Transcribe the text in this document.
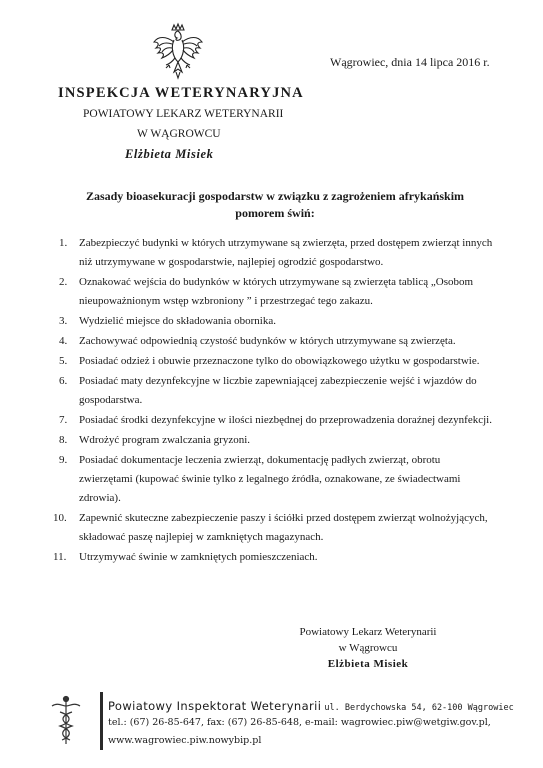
Wągrowiec, dnia 14 lipca 2016 r.
INSPEKCJA WETERYNARYJNA
POWIATOWY LEKARZ WETERYNARII
W WĄGROWCU
Elżbieta Misiek
Zasady bioasekuracji gospodarstw w związku z zagrożeniem afrykańskim
pomorem świń:
1.	Zabezpieczyć budynki w których utrzymywane są zwierzęta, przed dostępem zwierząt innych niż utrzymywane w gospodarstwie, najlepiej ogrodzić gospodarstwo.
2.	Oznakować wejścia do budynków w których utrzymywane są zwierzęta tablicą „Osobom nieupoważnionym wstęp wzbroniony ” i przestrzegać tego zakazu.
3.	Wydzielić miejsce do składowania obornika.
4.	Zachowywać odpowiednią czystość budynków w których utrzymywane są zwierzęta.
5.	Posiadać odzież i obuwie przeznaczone tylko do obowiązkowego użytku w gospodarstwie.
6.	Posiadać maty dezynfekcyjne w liczbie zapewniającej zabezpieczenie wejść i wjazdów do gospodarstwa.
7.	Posiadać środki dezynfekcyjne w ilości niezbędnej do przeprowadzenia doraźnej dezynfekcji.
8.	Wdrożyć program zwalczania gryzoni.
9.	Posiadać dokumentacje leczenia zwierząt, dokumentację padłych zwierząt, obrotu zwierzętami (kupować świnie tylko z legalnego źródła, oznakowane, ze świadectwami zdrowia).
10.	Zapewnić skuteczne zabezpieczenie paszy i ściółki przed dostępem zwierząt wolnożyjących, składować paszę najlepiej w zamkniętych magazynach.
11.	Utrzymywać świnie w zamkniętych pomieszczeniach.
Powiatowy Lekarz Weterynarii
w Wągrowcu
Elżbieta Misiek
Powiatowy Inspektorat Weterynarii ul. Berdychowska 54, 62-100 Wągrowiec
tel.: (67) 26-85-647, fax: (67) 26-85-648, e-mail: wagrowiec.piw@wetgiw.gov.pl,
www.wagrowiec.piw.nowybip.pl
